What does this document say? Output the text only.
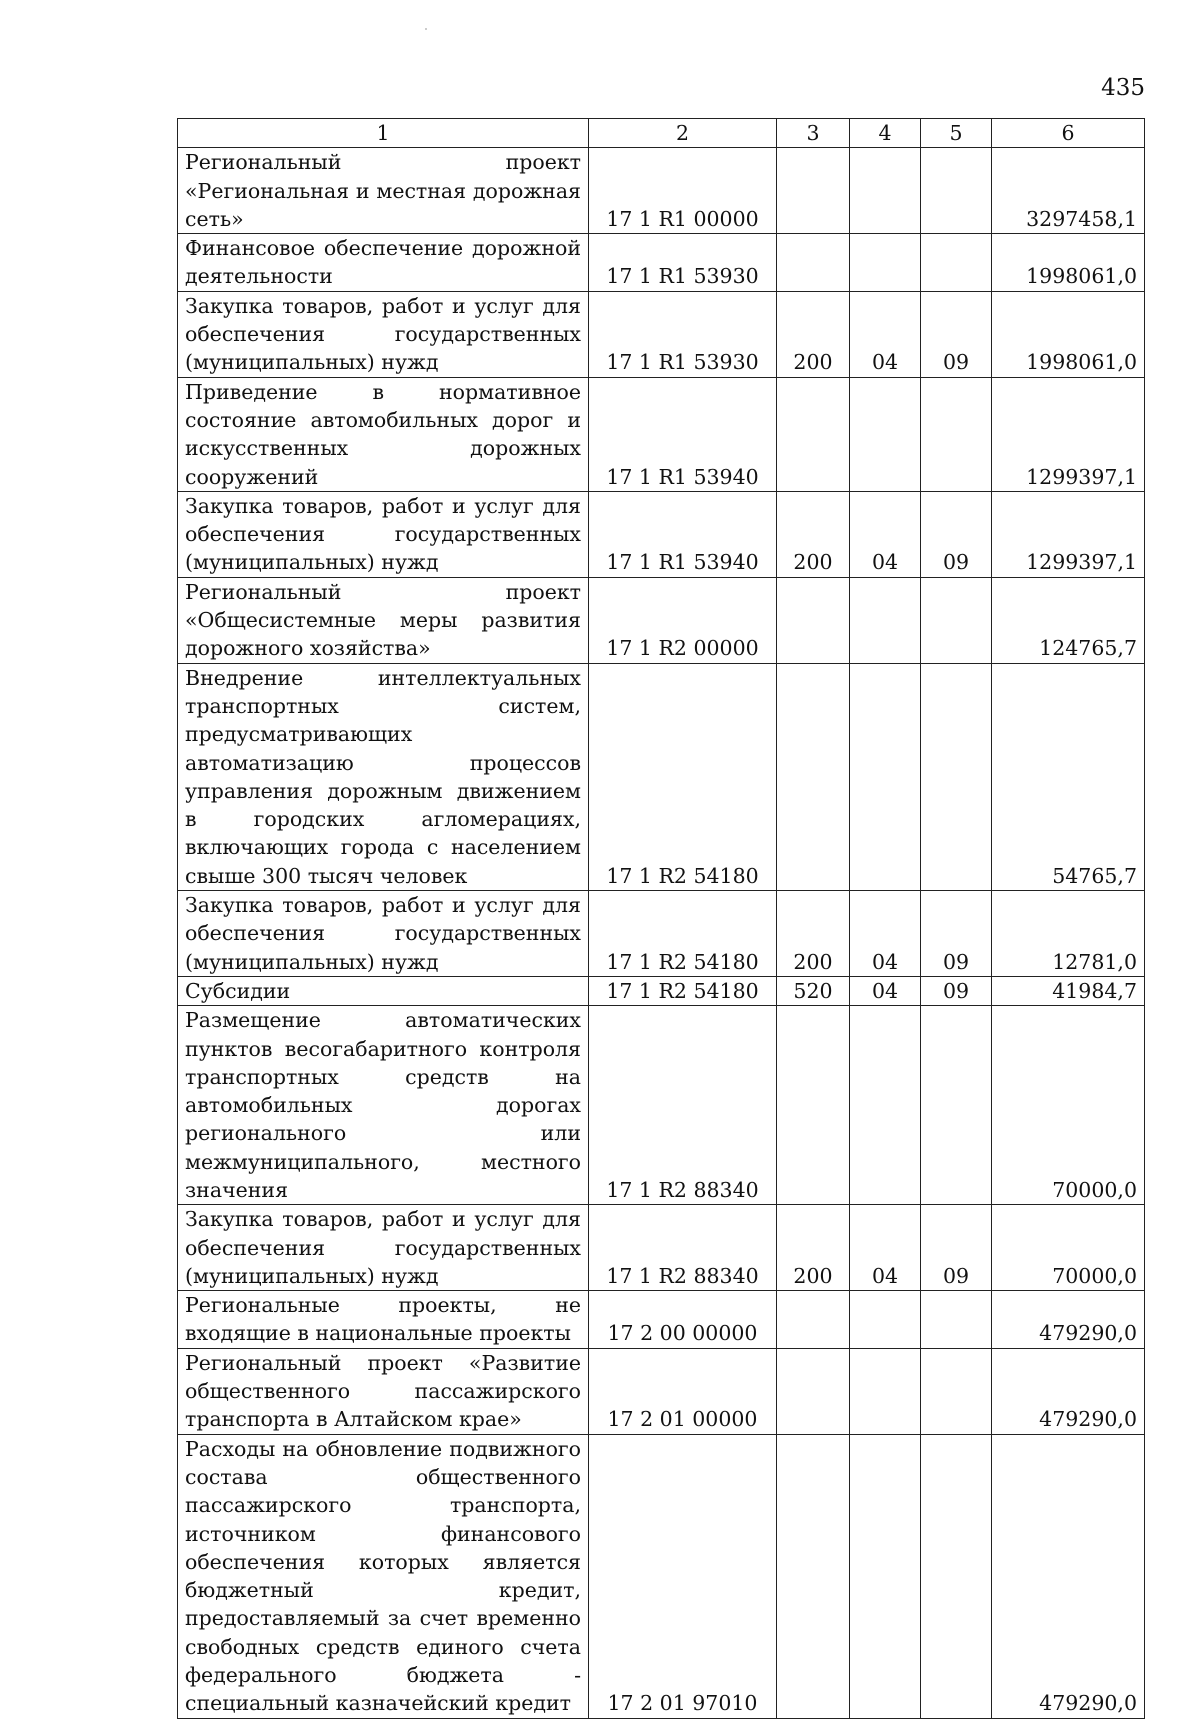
435
1	2	3	4	5	6
Региональный проект «Региональная и местная дорожная сеть»	17 1 R1 00000				3297458,1
Финансовое обеспечение дорожной деятельности	17 1 R1 53930				1998061,0
Закупка товаров, работ и услуг для обеспечения государственных (муниципальных) нужд	17 1 R1 53930	200	04	09	1998061,0
Приведение в нормативное состояние автомобильных дорог и искусственных дорожных сооружений	17 1 R1 53940				1299397,1
Закупка товаров, работ и услуг для обеспечения государственных (муниципальных) нужд	17 1 R1 53940	200	04	09	1299397,1
Региональный проект «Общесистемные меры развития дорожного хозяйства»	17 1 R2 00000				124765,7
Внедрение интеллектуальных транспортных систем, предусматривающих автоматизацию процессов управления дорожным движением в городских агломерациях, включающих города с населением свыше 300 тысяч человек	17 1 R2 54180				54765,7
Закупка товаров, работ и услуг для обеспечения государственных (муниципальных) нужд	17 1 R2 54180	200	04	09	12781,0
Субсидии	17 1 R2 54180	520	04	09	41984,7
Размещение автоматических пунктов весогабаритного контроля транспортных средств на автомобильных дорогах регионального или межмуниципального, местного значения	17 1 R2 88340				70000,0
Закупка товаров, работ и услуг для обеспечения государственных (муниципальных) нужд	17 1 R2 88340	200	04	09	70000,0
Региональные проекты, не входящие в национальные проекты	17 2 00 00000				479290,0
Региональный проект «Развитие общественного пассажирского транспорта в Алтайском крае»	17 2 01 00000				479290,0
Расходы на обновление подвижного состава общественного пассажирского транспорта, источником финансового обеспечения которых является бюджетный кредит, предоставляемый за счет временно свободных средств единого счета федерального бюджета - специальный казначейский кредит	17 2 01 97010				479290,0
